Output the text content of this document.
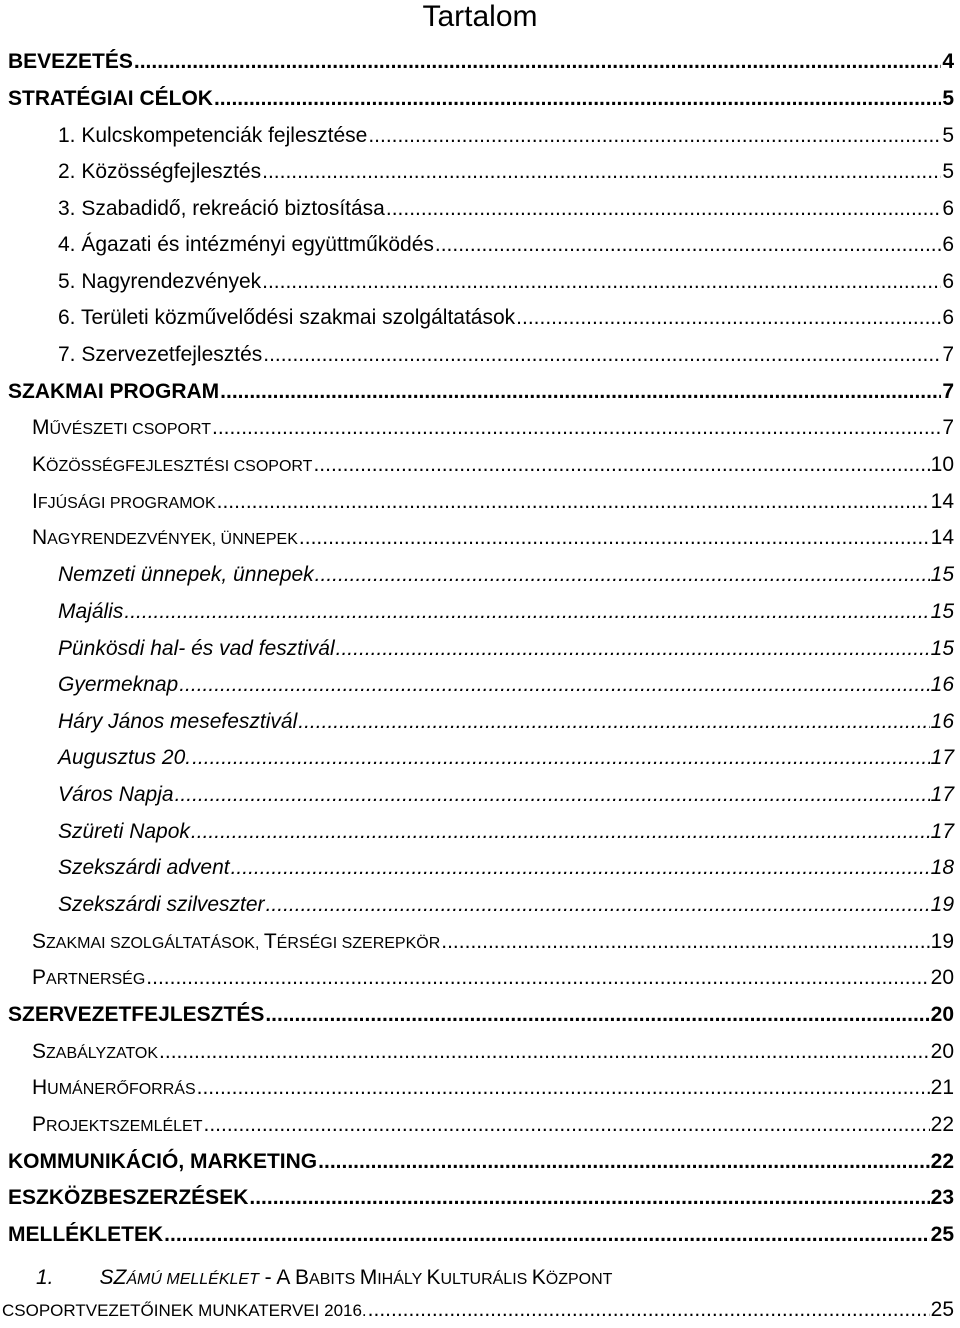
Tartalom
BEVEZETÉS .....	4
STRATÉGIAI CÉLOK .....	5
1. Kulcskompetenciák fejlesztése .....	5
2. Közösségfejlesztés .....	5
3. Szabadidő, rekreáció biztosítása .....	6
4. Ágazati és intézményi együttműködés .....	6
5. Nagyrendezvények .....	6
6. Területi közművelődési szakmai szolgáltatások .....	6
7. Szervezetfejlesztés .....	7
SZAKMAI PROGRAM .....	7
MŰVÉSZETI CSOPORT .....	7
KÖZÖSSÉGFEJLESZTÉSI CSOPORT .....	10
IFJÚSÁGI PROGRAMOK .....	14
NAGYRENDEZVÉNYEK, ÜNNEPEK .....	14
Nemzeti ünnepek, ünnepek .....	15
Majális .....	15
Pünkösdi hal- és vad fesztivál .....	15
Gyermeknap .....	16
Háry János mesefesztivál .....	16
Augusztus 20. .....	17
Város Napja .....	17
Szüreti Napok .....	17
Szekszárdi advent .....	18
Szekszárdi szilveszter .....	19
SZAKMAI SZOLGÁLTATÁSOK, TÉRSÉGI SZEREPKÖR .....	19
PARTNERSÉG .....	20
SZERVEZETFEJLESZTÉS .....	20
SZABÁLYZATOK .....	20
HUMÁNERŐFORRÁS .....	21
PROJEKTSZEMLÉLET .....	22
KOMMUNIKÁCIÓ, MARKETING .....	22
ESZKÖZBESZERZÉSEK .....	23
MELLÉKLETEK .....	25
1. SZÁMÚ MELLÉKLET - A BABITS MIHÁLY KULTURÁLIS KÖZPONT
CSOPORTVEZETŐINEK MUNKATERVEI 2016. .....	25
